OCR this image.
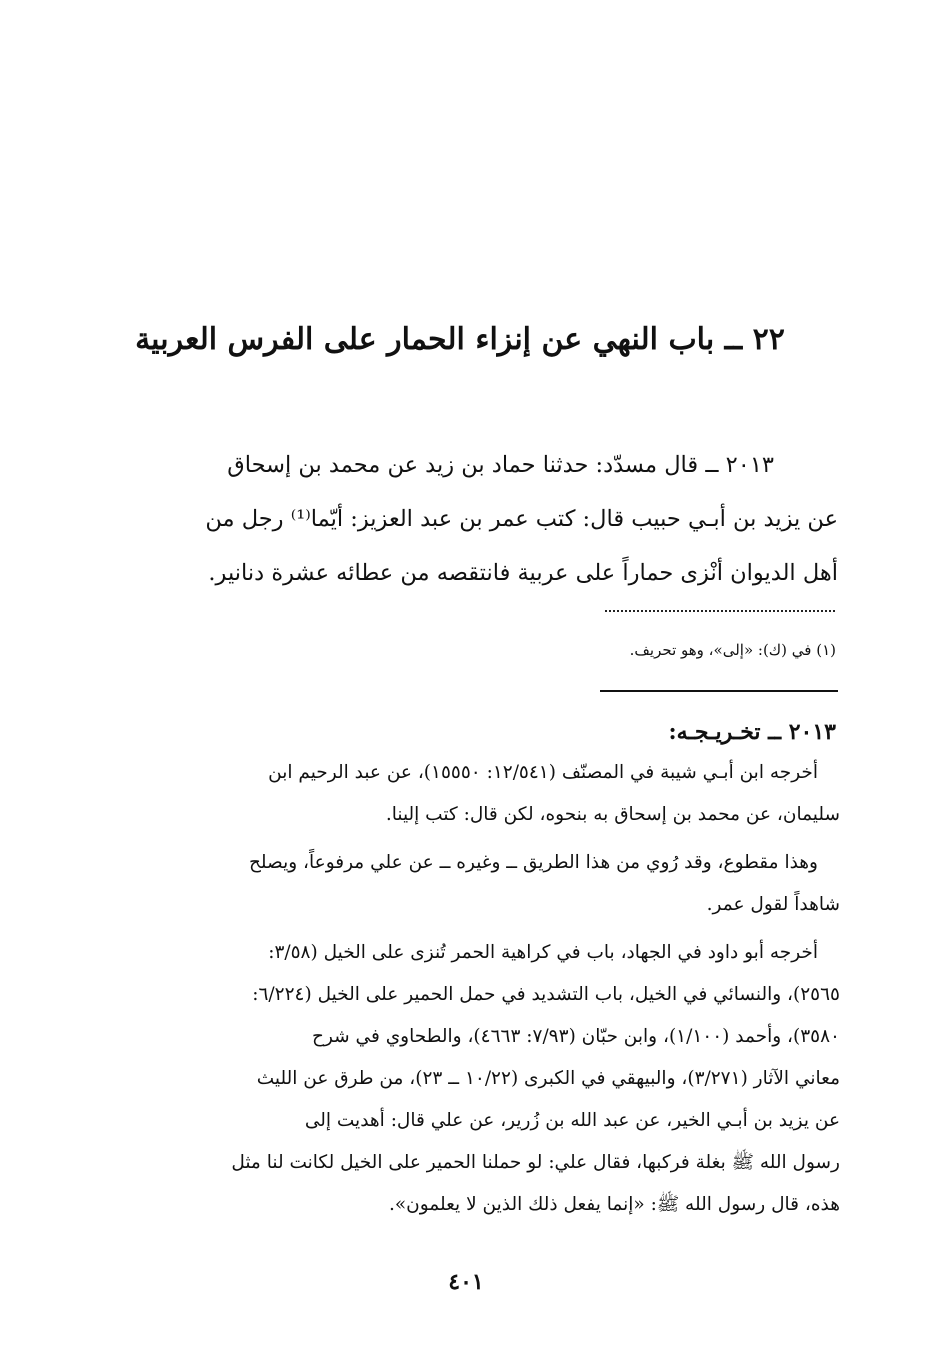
٢٢ ــ باب النهي عن إنزاء الحمار على الفرس العربية
٢٠١٣ ــ قال مسدّد: حدثنا حماد بن زيد عن محمد بن إسحاق
عن يزيد بن أبـي حبيب قال: كتب عمر بن عبد العزيز: أيّما⁽¹⁾ رجل من
أهل الديوان أنْزى حماراً على عربية فانتقصه من عطائه عشرة دنانير.
(١) في (ك): «إلى»، وهو تحريف.
٢٠١٣ ــ تخـريـجـه:

أخرجه ابن أبـي شيبة في المصنّف (١٢/٥٤١: ١٥٥٥٠)، عن عبد الرحيم ابن
سليمان، عن محمد بن إسحاق به بنحوه، لكن قال: كتب إلينا.

وهذا مقطوع، وقد رُوي من هذا الطريق ــ وغيره ــ عن علي مرفوعاً، ويصلح
شاهداً لقول عمر.

أخرجه أبو داود في الجهاد، باب في كراهية الحمر تُنزى على الخيل (٣/٥٨:
٢٥٦٥)، والنسائي في الخيل، باب التشديد في حمل الحمير على الخيل (٦/٢٢٤:
٣٥٨٠)، وأحمد (١/١٠٠)، وابن حبّان (٧/٩٣: ٤٦٦٣)، والطحاوي في شرح
معاني الآثار (٣/٢٧١)، والبيهقي في الكبرى (١٠/٢٢ ــ ٢٣)، من طرق عن الليث
عن يزيد بن أبـي الخير، عن عبد الله بن زُرير، عن علي قال: أهديت إلى
رسول الله ﷺ بغلة فركبها، فقال علي: لو حملنا الحمير على الخيل لكانت لنا مثل
هذه، قال رسول الله ﷺ: «إنما يفعل ذلك الذين لا يعلمون».

٤٠١
